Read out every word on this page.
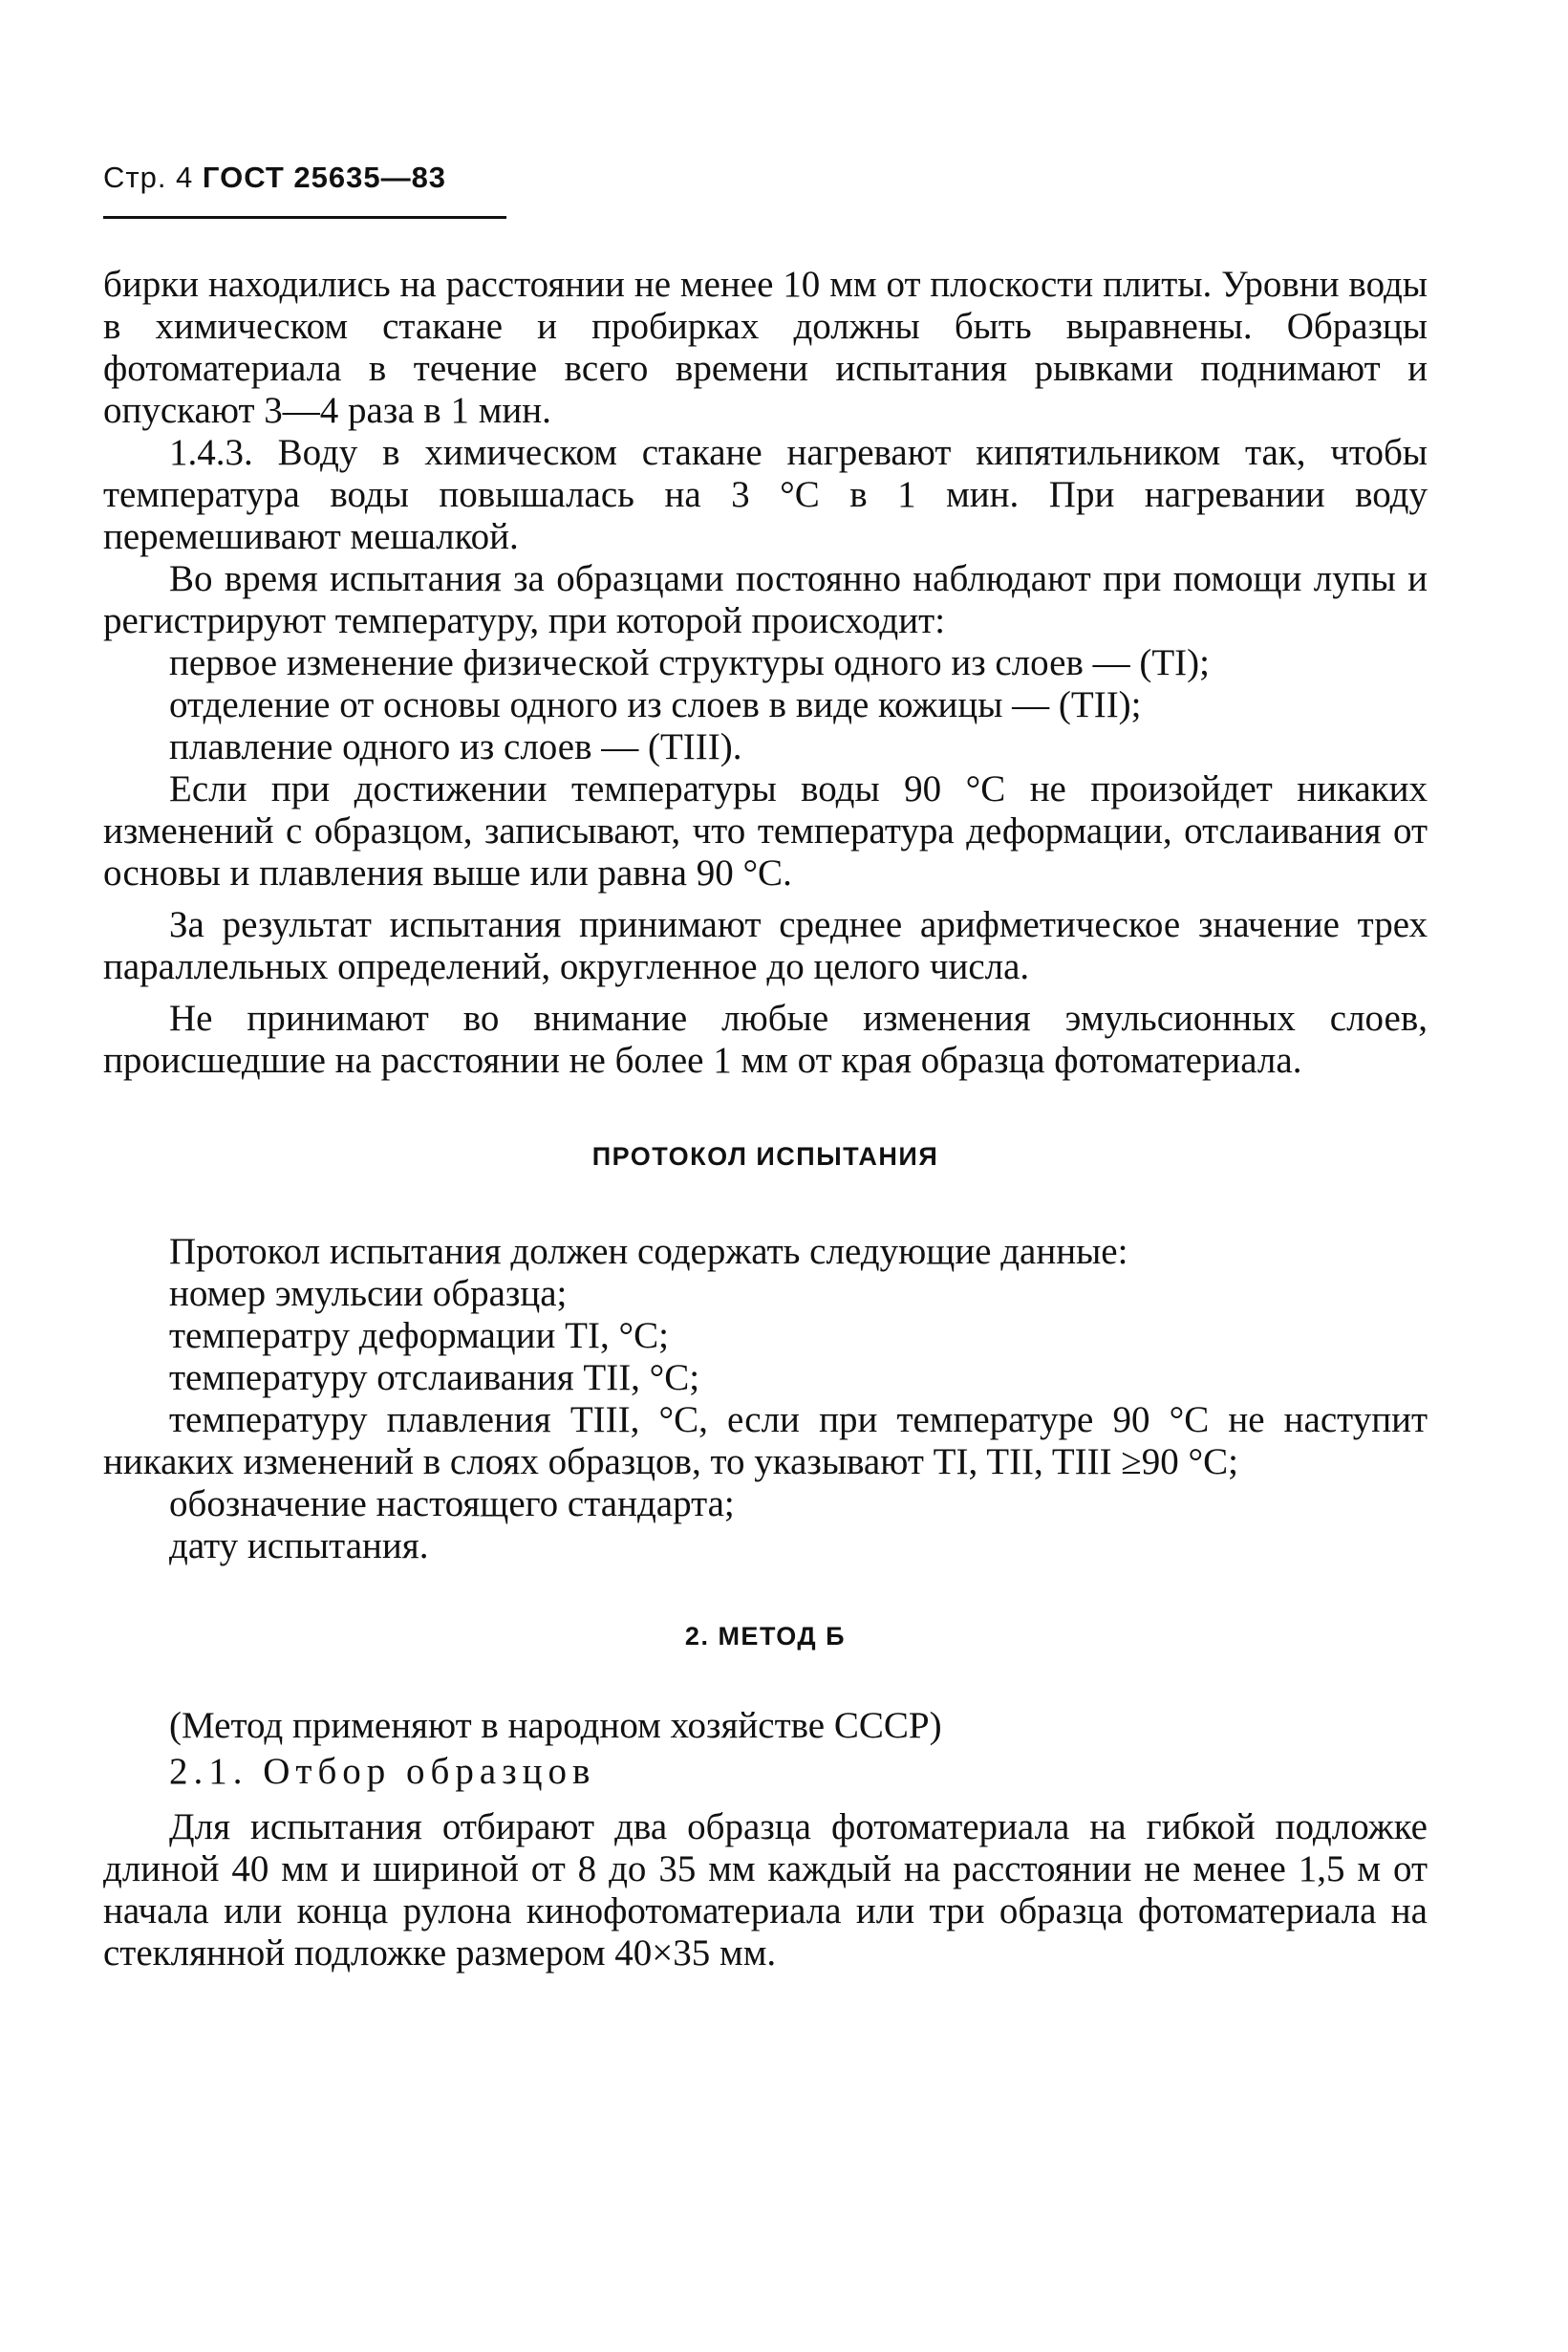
Стр. 4 ГОСТ 25635—83

бирки находились на расстоянии не менее 10 мм от плоскости плиты. Уровни воды в химическом стакане и пробирках должны быть выравнены. Образцы фотоматериала в течение всего времени испытания рывками поднимают и опускают 3—4 раза в 1 мин.

1.4.3. Воду в химическом стакане нагревают кипятильником так, чтобы температура воды повышалась на 3 °С в 1 мин. При нагревании воду перемешивают мешалкой.

Во время испытания за образцами постоянно наблюдают при помощи лупы и регистрируют температуру, при которой происходит:

первое изменение физической структуры одного из слоев — (TI);

отделение от основы одного из слоев в виде кожицы — (TII);

плавление одного из слоев — (TIII).

Если при достижении температуры воды 90 °С не произойдет никаких изменений с образцом, записывают, что температура деформации, отслаивания от основы и плавления выше или равна 90 °С.

За результат испытания принимают среднее арифметическое значение трех параллельных определений, округленное до целого числа.

Не принимают во внимание любые изменения эмульсионных слоев, происшедшие на расстоянии не более 1 мм от края образца фотоматериала.

ПРОТОКОЛ ИСПЫТАНИЯ

Протокол испытания должен содержать следующие данные:

номер эмульсии образца;

температру деформации TI, °С;

температуру отслаивания TII, °С;

температуру плавления TIII, °С, если при температуре 90 °С не наступит никаких изменений в слоях образцов, то указывают TI, TII, TIII ≥90 °С;

обозначение настоящего стандарта;

дату испытания.

2. МЕТОД Б

(Метод применяют в народном хозяйстве СССР)

2.1. Отбор образцов

Для испытания отбирают два образца фотоматериала на гибкой подложке длиной 40 мм и шириной от 8 до 35 мм каждый на расстоянии не менее 1,5 м от начала или конца рулона кинофотоматериала или три образца фотоматериала на стеклянной подложке размером 40×35 мм.
